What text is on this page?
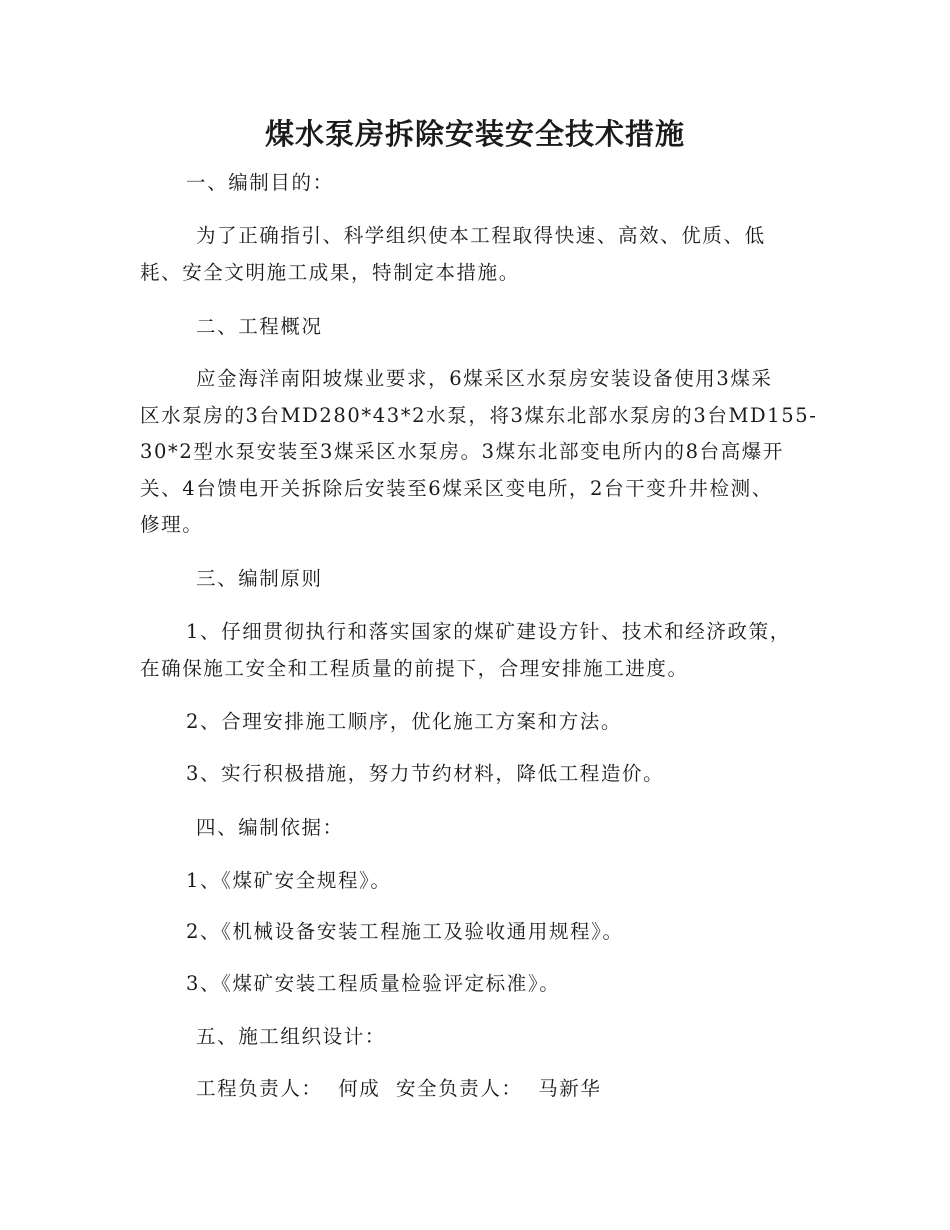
煤水泵房拆除安装安全技术措施
一、编制目的：
为了正确指引、科学组织使本工程取得快速、高效、优质、低
耗、安全文明施工成果，特制定本措施。
二、工程概况
应金海洋南阳坡煤业要求，6煤采区水泵房安装设备使用3煤采
区水泵房的3台MD280*43*2水泵，将3煤东北部水泵房的3台MD155-
30*2型水泵安装至3煤采区水泵房。3煤东北部变电所内的8台高爆开
关、4台馈电开关拆除后安装至6煤采区变电所，2台干变升井检测、
修理。
三、编制原则
1、仔细贯彻执行和落实国家的煤矿建设方针、技术和经济政策，
在确保施工安全和工程质量的前提下，合理安排施工进度。
2、合理安排施工顺序，优化施工方案和方法。
3、实行积极措施，努力节约材料，降低工程造价。
四、编制依据：
1、《煤矿安全规程》。
2、《机械设备安装工程施工及验收通用规程》。
3、《煤矿安装工程质量检验评定标准》。
五、施工组织设计：
工程负责人：  何成  安全负责人：  马新华
